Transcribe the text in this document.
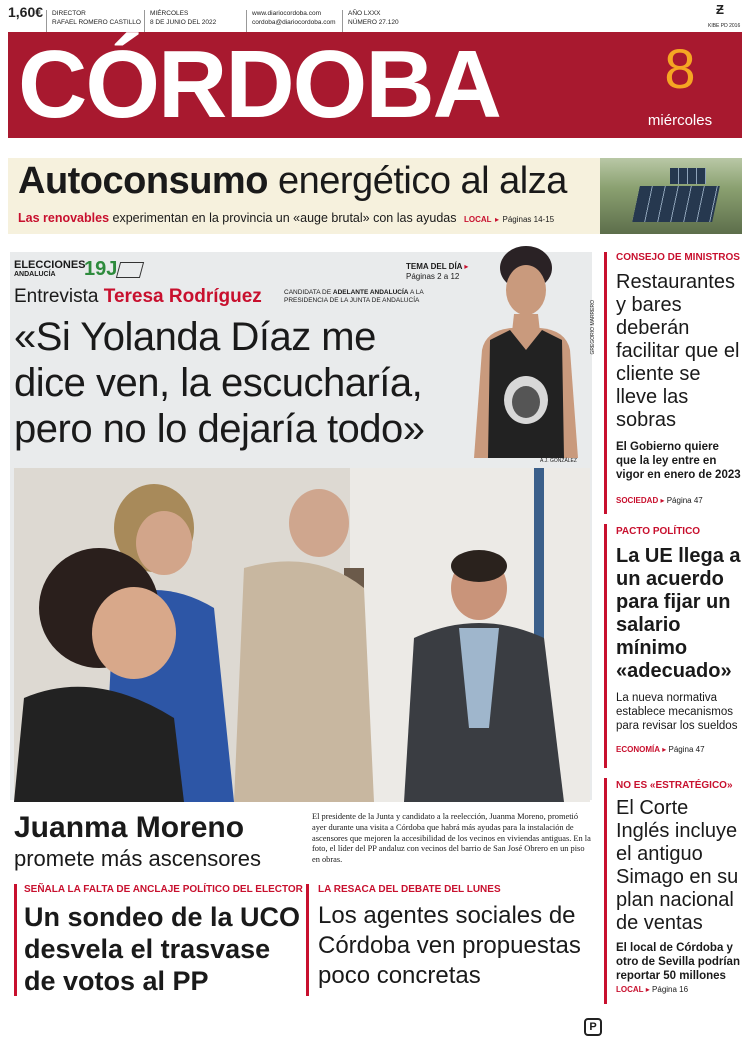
1,60€ DIRECTOR
RAFAEL ROMERO CASTILLO
MIÉRCOLES
8 DE JUNIO DEL 2022
www.diariocordoba.com
cordoba@diariocordoba.com
AÑO LXXX
NÚMERO 27.120
Ƶ
KIBE PD 2016
CÓRDOBA	8
miércoles
Autoconsumo energético al alza
Las renovables experimentan en la provincia un «auge brutal» con las ayudas LOCAL ▸ Páginas 14-15
ELECCIONES
ANDALUCÍA	19J	TEMA DEL DÍA ▸
Páginas 2 a 12
Entrevista Teresa Rodríguez	CANDIDATA DE ADELANTE ANDALUCÍA A LA
PRESIDENCIA DE LA JUNTA DE ANDALUCÍA
«Si Yolanda Díaz me dice ven, la escucharía, pero no lo dejaría todo»
GREGORIO MARRERO
A.J. GONZÁLEZ
Juanma Moreno
promete más ascensores
El presidente de la Junta y candidato a la reelección, Juanma Moreno, prometió ayer durante una visita a Córdoba que habrá más ayudas para la instalación de ascensores que mejoren la accesibilidad de los vecinos en viviendas antiguas. En la foto, el líder del PP andaluz con vecinos del barrio de San José Obrero en un piso en obras.
CONSEJO DE MINISTROS
Restaurantes y bares deberán facilitar que el cliente se lleve las sobras
El Gobierno quiere que la ley entre en vigor en enero de 2023
SOCIEDAD ▸ Página 47
PACTO POLÍTICO
La UE llega a un acuerdo para fijar un salario mínimo «adecuado»
La nueva normativa establece mecanismos para revisar los sueldos
ECONOMÍA ▸ Página 47
NO ES «ESTRATÉGICO»
El Corte Inglés incluye el antiguo Simago en su plan nacional de ventas
El local de Córdoba y otro de Sevilla podrían reportar 50 millones
LOCAL ▸ Página 16
SEÑALA LA FALTA DE ANCLAJE POLÍTICO DEL ELECTOR
Un sondeo de la UCO desvela el trasvase de votos al PP
LA RESACA DEL DEBATE DEL LUNES
Los agentes sociales de Córdoba ven propuestas poco concretas
P
